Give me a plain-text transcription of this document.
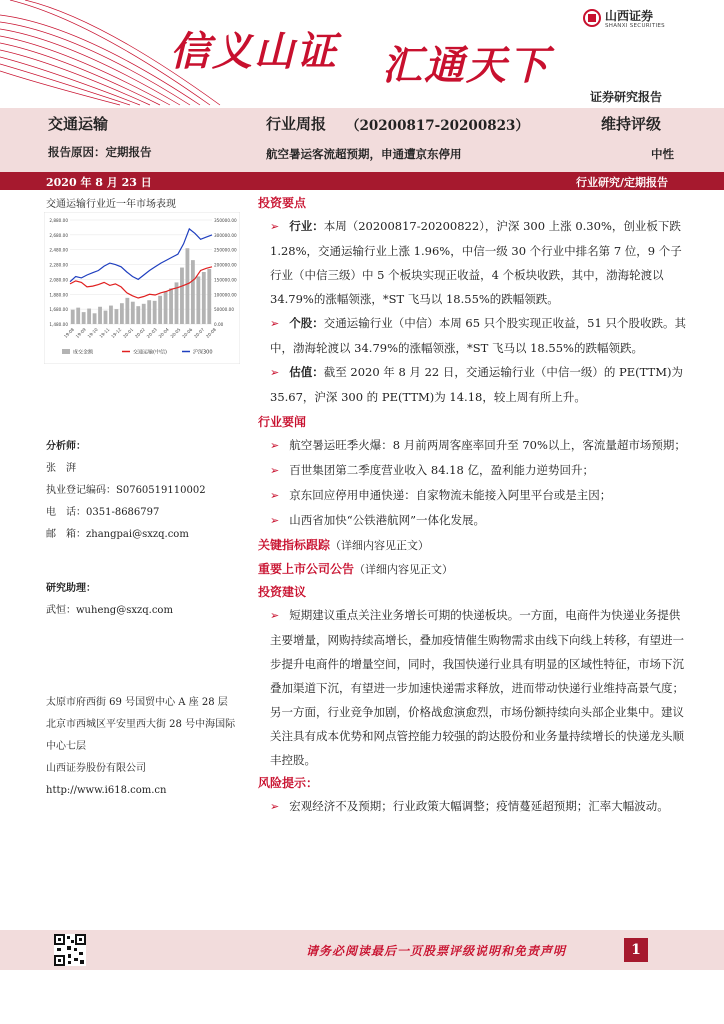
信义山证 汇通天下
山西证券
SHANXI SECURITIES
证券研究报告
交通运输	行业周报 （20200817-20200823）	维持评级
报告原因：定期报告	航空暑运客流超预期，申通遭京东停用	中性
2020 年 8 月 23 日	行业研究/定期报告
交通运输行业近一年市场表现
2,880.00
2,680.00
2,480.00
2,280.00
2,080.00
1,880.00
1,680.00
1,480.00
350000.00
300000.00
250000.00
200000.00
150000.00
100000.00
50000.00
0.00
19-08 19-09 19-10 19-11 19-12 20-01 20-02 20-03 20-04 20-05 20-06 20-07 20-08
成交金额	交通运输(中信)	沪深300
分析师：
张　湃
执业登记编码：S0760519110002
电　话：0351-8686797
邮　箱：zhangpai@sxzq.com
研究助理：
武恒：wuheng@sxzq.com
太原市府西街 69 号国贸中心 A 座 28 层
北京市西城区平安里西大街 28 号中海国际中心七层
山西证券股份有限公司
http://www.i618.com.cn
投资要点
➢ 行业：本周（20200817-20200822），沪深 300 上涨 0.30%，创业板下跌 1.28%，交通运输行业上涨 1.96%，中信一级 30 个行业中排名第 7 位，9 个子行业（中信三级）中 5 个板块实现正收益，4 个板块收跌，其中，渤海轮渡以 34.79%的涨幅领涨，*ST 飞马以 18.55%的跌幅领跌。
➢ 个股：交通运输行业（中信）本周 65 只个股实现正收益，51 只个股收跌。其中，渤海轮渡以 34.79%的涨幅领涨，*ST 飞马以 18.55%的跌幅领跌。
➢ 估值：截至 2020 年 8 月 22 日，交通运输行业（中信一级）的 PE(TTM)为 35.67，沪深 300 的 PE(TTM)为 14.18，较上周有所上升。
行业要闻
➢ 航空暑运旺季火爆：8 月前两周客座率回升至 70%以上，客流量超市场预期；
➢ 百世集团第二季度营业收入 84.18 亿，盈利能力逆势回升；
➢ 京东回应停用申通快递：自家物流未能接入阿里平台或是主因；
➢ 山西省加快“公铁港航网”一体化发展。
关键指标跟踪（详细内容见正文）
重要上市公司公告（详细内容见正文）
投资建议
➢ 短期建议重点关注业务增长可期的快递板块。一方面，电商件为快递业务提供主要增量，网购持续高增长，叠加疫情催生购物需求由线下向线上转移，有望进一步提升电商件的增量空间，同时，我国快递行业具有明显的区域性特征，市场下沉叠加渠道下沉，有望进一步加速快递需求释放，进而带动快递行业维持高景气度；另一方面，行业竞争加剧，价格战愈演愈烈，市场份额持续向头部企业集中。建议关注具有成本优势和网点管控能力较强的韵达股份和业务量持续增长的快递龙头顺丰控股。
风险提示：
➢ 宏观经济不及预期；行业政策大幅调整；疫情蔓延超预期；汇率大幅波动。
请务必阅读最后一页股票评级说明和免责声明	1
